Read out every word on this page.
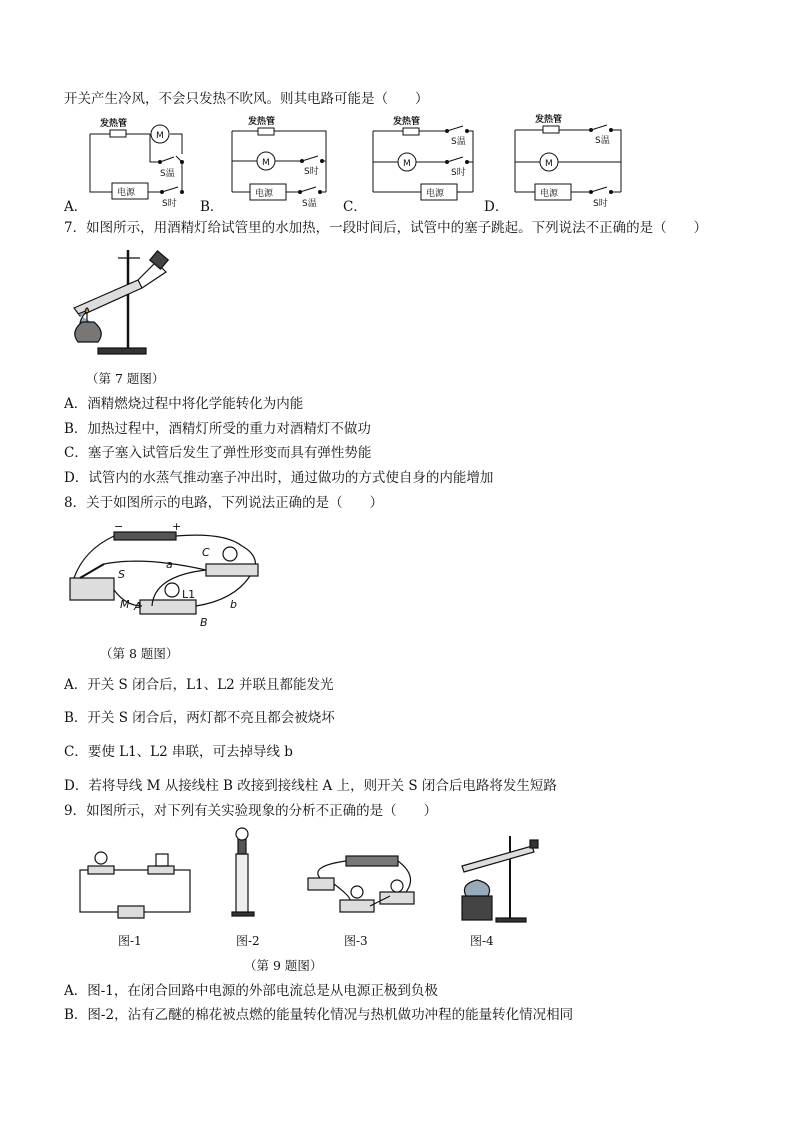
开关产生冷风，不会只发热不吹风。则其电路可能是（　　）
发热管
M
S温
电源
S时
发热管
M
S时
电源
S温
发热管
S温
M
S时
电源
发热管
S温
M
电源
S时
A．	B．	C．	D．
7．如图所示，用酒精灯给试管里的水加热，一段时间后，试管中的塞子跳起。下列说法不正确的是（　　）
（第 7 题图）
A．酒精燃烧过程中将化学能转化为内能
B．加热过程中，酒精灯所受的重力对酒精灯不做功
C．塞子塞入试管后发生了弹性形变而具有弹性势能
D．试管内的水蒸气推动塞子冲出时，通过做功的方式使自身的内能增加
8．关于如图所示的电路，下列说法正确的是（　　）
−	+
S
C
a
L1
M A
B
b
（第 8 题图）
A．开关 S 闭合后，L1、L2 并联且都能发光
B．开关 S 闭合后，两灯都不亮且都会被烧坏
C．要使 L1、L2 串联，可去掉导线 b
D．若将导线 M 从接线柱 B 改接到接线柱 A 上，则开关 S 闭合后电路将发生短路
9．如图所示，对下列有关实验现象的分析不正确的是（　　）
图-1	图-2	图-3	图-4
（第 9 题图）
A．图-1，在闭合回路中电源的外部电流总是从电源正极到负极
B．图-2，沾有乙醚的棉花被点燃的能量转化情况与热机做功冲程的能量转化情况相同
